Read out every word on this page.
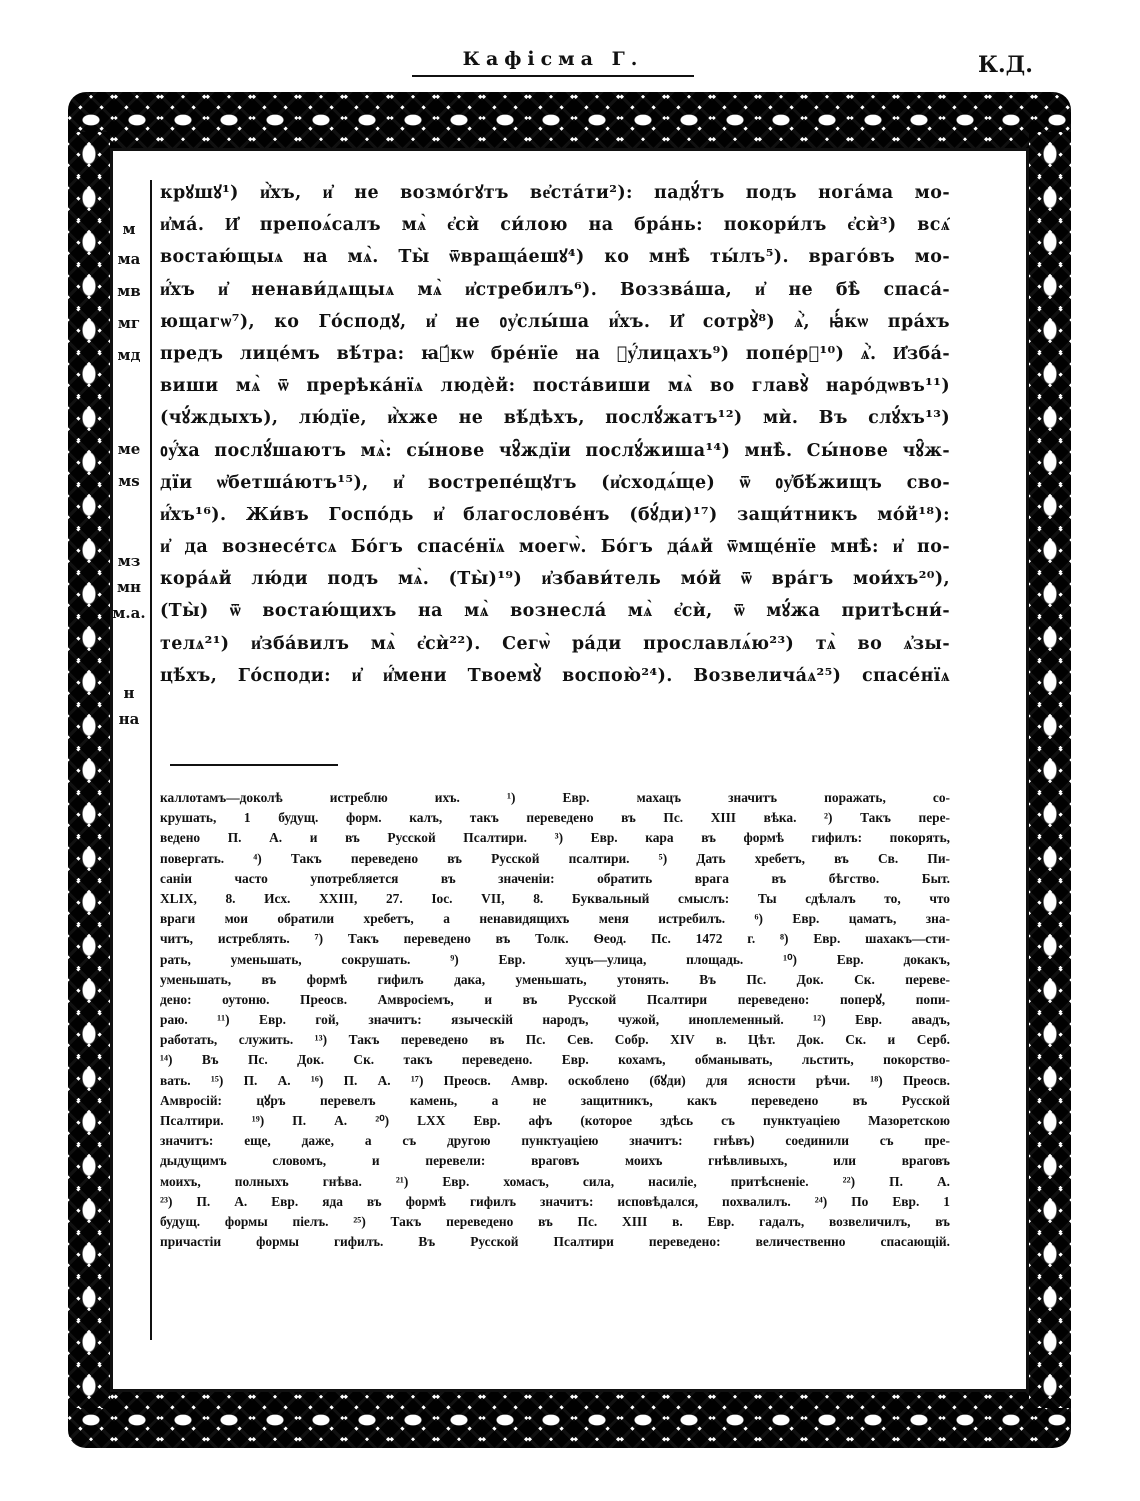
Кафісма Г.	К.Д.
м
ма
мв
мг
мд
ме
мѕ
мз
мн
м.а.
н
на
крꙋшꙋ¹) и҆̀хъ, и҆ не возмо́гꙋтъ ве҆ста́ти²): падꙋ́тъ подъ нога́ма мо-
и҆ма́. И҆ препоѧ́салъ мѧ̀ є҆сѝ си́лою на бра́нь: покори́лъ є҆сѝ³) всѧ̑
востаю́щыѧ на мѧ̀. Ты̀ ѿвраща́ешꙋ⁴) ко мнѣ̀ ты́лъ⁵). враго́въ мо-
и҆́хъ и҆ ненави́дѧщыѧ мѧ̀ и҆стребилъ⁶). Воззва́ша, и҆ не бѣ̀ спаса́-
ющагѡ⁷), ко Го́сподꙋ, и҆ не ᲂу҆слы́ша и҆́хъ. И҆ сотрꙋ̀⁸) ѧ҆̀, ꙗ҆́кѡ пра́хъ
предъ лице́мъ вѣ́тра: ꙗ҆́кѡ бре́нїе на ᲂу҆́лицахъ⁹) попе́рꙋ¹⁰) ѧ҆̀. И҆зба́-
виши мѧ̀ ѿ прерѣка́нїѧ людѐй: поста́виши мѧ̀ во главꙋ̀ наро́дѡвъ¹¹)
(чꙋ́ждыхъ), лю́дїе, и҆̀хже не вѣ́дѣхъ, послꙋ́жатъ¹²) мѝ. Въ слꙋ́хъ¹³)
ᲂу҆́ха послꙋ́шаютъ мѧ̀: сы́нове чꙋ̑ждїи послꙋ́жиша¹⁴) мнѣ̀. Сы́нове чꙋ̑ж-
дїи ѡ҆бетша́ютъ¹⁵), и҆ вострепе́щꙋтъ (и҆сходѧ́ще) ѿ ᲂу҆бѣ́жищъ сво-
и҆́хъ¹⁶). Жи́въ Госпо́дь и҆ благослове́нъ (бꙋ́ди)¹⁷) защи́тникъ мо́й¹⁸):
и҆ да вознесе́тсѧ Бо́гъ спасе́нїѧ моегѡ̀. Бо́гъ да́ѧй ѿмще́нїе мнѣ̀: и҆ по-
кора́ѧй лю́ди подъ мѧ̀. (Ты̀)¹⁹) и҆збави́тель мо́й ѿ вра́гъ мои́хъ²⁰),
(Ты̀) ѿ востаю́щихъ на мѧ̀ вознесла́ мѧ̀ є҆сѝ, ѿ мꙋ́жа притѣсни́-
телѧ²¹) и҆зба́вилъ мѧ̀ є҆сѝ²²). Сегѡ̀ ра́ди прославлѧ́ю²³) тѧ̀ во ѧ҆зы-
цѣ́хъ, Го́споди: и҆ и҆́мени Твоемꙋ̀ воспою̀²⁴). Возвелича́ѧ²⁵) спасе́нїѧ
каллотамъ—доколѣ истреблю ихъ. ¹) Евр. махацъ значитъ поражать, со-
крушать, 1 будущ. форм. калъ, такъ переведено въ Пс. XIII вѣка. ²) Такъ пере-
ведено П. А. и въ Русской Псалтири. ³) Евр. кара въ формѣ гифилъ: покорять,
повергать. ⁴) Такъ переведено въ Русской псалтири. ⁵) Дать хребетъ, въ Св. Пи-
саніи часто употребляется въ значеніи: обратить врага въ бѣгство. Быт.
XLIX, 8. Исх. XXIII, 27. Іос. VII, 8. Буквальный смыслъ: Ты сдѣлалъ то, что
враги мои обратили хребетъ, а ненавидящихъ меня истребилъ. ⁶) Евр. цаматъ, зна-
читъ, истреблять. ⁷) Такъ переведено въ Толк. Ѳеод. Пс. 1472 г. ⁸) Евр. шахакъ—сти-
рать, уменьшать, сокрушать. ⁹) Евр. хуцъ—улица, площадь. ¹⁰) Евр. докакъ,
уменьшать, въ формѣ гифилъ дака, уменьшать, утонять. Въ Пс. Док. Ск. переве-
дено: оутоню. Преосв. Амвросіемъ, и въ Русской Псалтири переведено: поперꙋ, попи-
раю. ¹¹) Евр. гой, значитъ: языческій народъ, чужой, иноплеменный. ¹²) Евр. авадъ,
работать, служить. ¹³) Такъ переведено въ Пс. Сев. Собр. XIV в. Цѣт. Док. Ск. и Серб.
¹⁴) Въ Пс. Док. Ск. такъ переведено. Евр. кохамъ, обманывать, льстить, покорство-
вать. ¹⁵) П. А. ¹⁶) П. А. ¹⁷) Преосв. Амвр. оскоблено (бꙋди) для ясности рѣчи. ¹⁸) Преосв.
Амвросій: цꙋръ перевелъ камень, а не защитникъ, какъ переведено въ Русской
Псалтири. ¹⁹) П. А. ²⁰) LXX Евр. афъ (которое здѣсь съ пунктуаціею Мазоретскою
значитъ: еще, даже, а съ другою пунктуаціею значитъ: гнѣвъ) соединили съ пре-
дыдущимъ словомъ, и перевели: враговъ моихъ гнѣвливыхъ, или враговъ
моихъ, полныхъ гнѣва. ²¹) Евр. хомасъ, сила, насиліе, притѣсненіе. ²²) П. А.
²³) П. А. Евр. яда въ формѣ гифилъ значитъ: исповѣдался, похвалилъ. ²⁴) По Евр. 1
будущ. формы піелъ. ²⁵) Такъ переведено въ Пс. XIII в. Евр. гадалъ, возвеличилъ, въ
причастіи формы гифилъ. Въ Русской Псалтири переведено: величественно спасающій.
